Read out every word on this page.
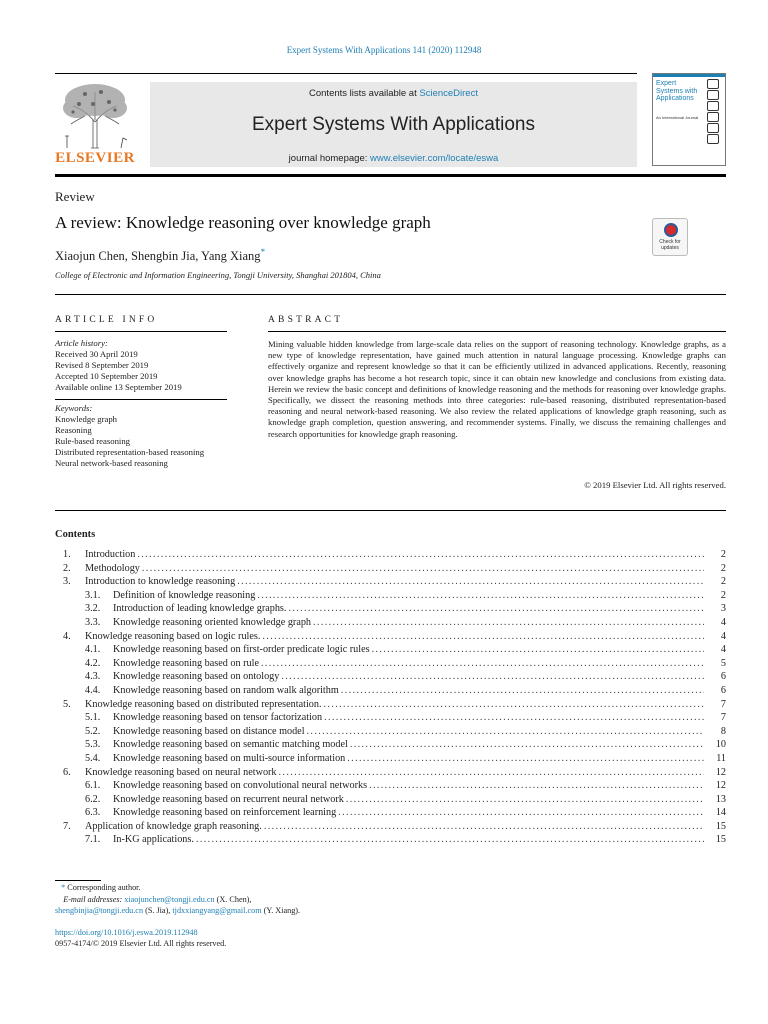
Expert Systems With Applications 141 (2020) 112948
ELSEVIER
Contents lists available at ScienceDirect
Expert Systems With Applications
journal homepage: www.elsevier.com/locate/eswa
Expert Systems with Applications
An International Journal
Review
A review: Knowledge reasoning over knowledge graph
Xiaojun Chen, Shengbin Jia, Yang Xiang*
College of Electronic and Information Engineering, Tongji University, Shanghai 201804, China
Check for updates
ARTICLE INFO
Article history:
Received 30 April 2019
Revised 8 September 2019
Accepted 10 September 2019
Available online 13 September 2019
Keywords:
Knowledge graph
Reasoning
Rule-based reasoning
Distributed representation-based reasoning
Neural network-based reasoning
ABSTRACT

Mining valuable hidden knowledge from large-scale data relies on the support of reasoning technology. Knowledge graphs, as a new type of knowledge representation, have gained much attention in natural language processing. Knowledge graphs can effectively organize and represent knowledge so that it can be efficiently utilized in advanced applications. Recently, reasoning over knowledge graphs has become a hot research topic, since it can obtain new knowledge and conclusions from existing data. Herein we review the basic concept and definitions of knowledge reasoning and the methods for reasoning over knowledge graphs. Specifically, we dissect the reasoning methods into three categories: rule-based reasoning, distributed representation-based reasoning and neural network-based reasoning. We also review the related applications of knowledge graph reasoning, such as knowledge graph completion, question answering, and recommender systems. Finally, we discuss the remaining challenges and research opportunities for knowledge graph reasoning.

© 2019 Elsevier Ltd. All rights reserved.
Contents
1.	Introduction . . .	2
2.	Methodology . . .	2
3.	Introduction to knowledge reasoning . . .	2
3.1.	Definition of knowledge reasoning . . .	2
3.2.	Introduction of leading knowledge graphs. . . .	3
3.3.	Knowledge reasoning oriented knowledge graph . . .	4
4.	Knowledge reasoning based on logic rules. . . .	4
4.1.	Knowledge reasoning based on first-order predicate logic rules . . .	4
4.2.	Knowledge reasoning based on rule . . .	5
4.3.	Knowledge reasoning based on ontology . . .	6
4.4.	Knowledge reasoning based on random walk algorithm . . .	6
5.	Knowledge reasoning based on distributed representation. . . .	7
5.1.	Knowledge reasoning based on tensor factorization . . .	7
5.2.	Knowledge reasoning based on distance model . . .	8
5.3.	Knowledge reasoning based on semantic matching model . . .	10
5.4.	Knowledge reasoning based on multi-source information . . .	11
6.	Knowledge reasoning based on neural network . . .	12
6.1.	Knowledge reasoning based on convolutional neural networks . . .	12
6.2.	Knowledge reasoning based on recurrent neural network . . .	13
6.3.	Knowledge reasoning based on reinforcement learning . . .	14
7.	Application of knowledge graph reasoning. . . .	15
7.1.	In-KG applications. . . .	15
* Corresponding author.
E-mail addresses: xiaojunchen@tongji.edu.cn (X. Chen),
shengbinjia@tongji.edu.cn (S. Jia), tjdxxiangyang@gmail.com (Y. Xiang).
https://doi.org/10.1016/j.eswa.2019.112948
0957-4174/© 2019 Elsevier Ltd. All rights reserved.
